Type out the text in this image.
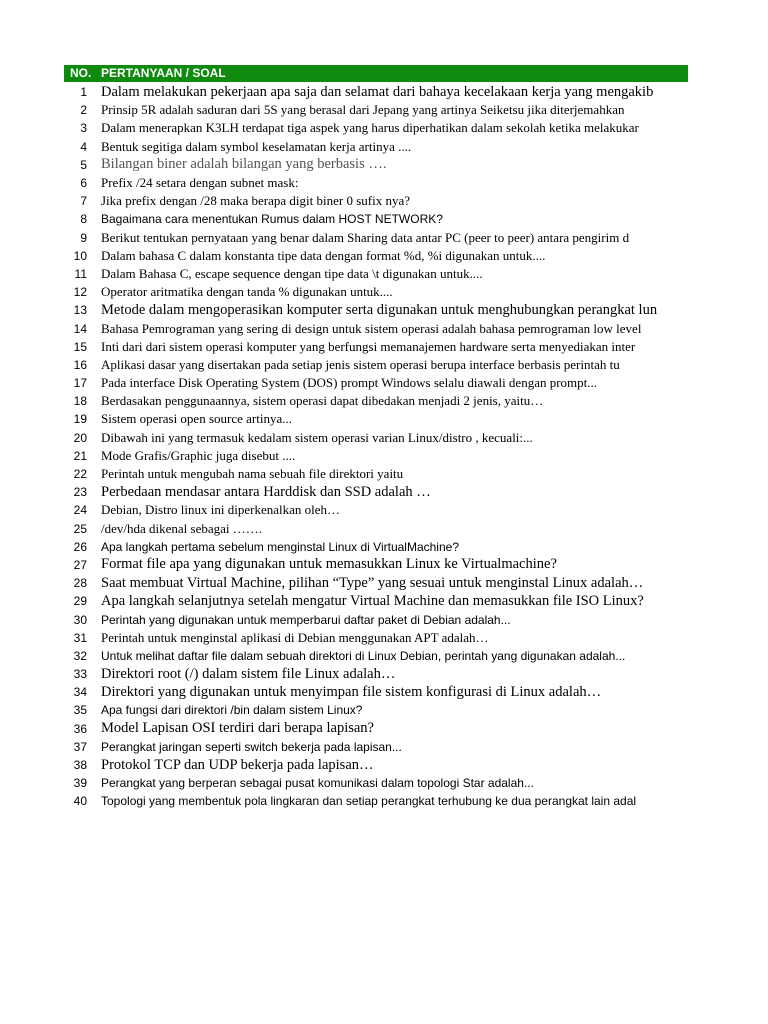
NO. PERTANYAAN / SOAL
1 Dalam melakukan pekerjaan apa saja dan selamat dari bahaya kecelakaan kerja yang mengakib
2	Prinsip 5R adalah saduran dari 5S yang berasal dari Jepang yang artinya Seiketsu jika diterjemahkan
3	Dalam menerapkan K3LH terdapat tiga aspek yang harus diperhatikan dalam sekolah ketika melakukar
4	Bentuk segitiga dalam symbol keselamatan kerja artinya ....
5 Bilangan biner adalah bilangan yang berbasis ….
6	Prefix /24 setara dengan subnet mask:
7	Jika prefix dengan /28 maka berapa digit biner 0 sufix nya?
8	Bagaimana cara menentukan Rumus dalam HOST NETWORK?
9	Berikut tentukan pernyataan yang benar dalam Sharing data antar PC (peer to peer) antara pengirim d
10	Dalam bahasa C dalam konstanta tipe data dengan format %d, %i digunakan untuk....
11	Dalam Bahasa C, escape sequence dengan tipe data \t digunakan untuk....
12	Operator aritmatika dengan tanda % digunakan untuk....
13 Metode dalam mengoperasikan komputer serta digunakan untuk menghubungkan perangkat lun
14	Bahasa Pemrograman yang sering di design untuk sistem operasi adalah bahasa pemrograman low level
15	Inti dari dari sistem operasi komputer yang berfungsi memanajemen hardware serta menyediakan inter
16	Aplikasi dasar yang disertakan pada setiap jenis sistem operasi berupa interface berbasis perintah tu
17	Pada interface Disk Operating System (DOS) prompt Windows selalu diawali dengan prompt...
18	Berdasakan penggunaannya, sistem operasi dapat dibedakan menjadi 2 jenis, yaitu…
19	Sistem operasi open source artinya...
20	Dibawah ini yang termasuk kedalam sistem operasi varian Linux/distro , kecuali:...
21	Mode Grafis/Graphic juga disebut ....
22	Perintah untuk mengubah nama sebuah file direktori yaitu
23 Perbedaan mendasar antara Harddisk dan SSD adalah …
24	Debian, Distro linux ini diperkenalkan oleh…
25	/dev/hda dikenal sebagai …….
26	Apa langkah pertama sebelum menginstal Linux di VirtualMachine?
27 Format file apa yang digunakan untuk memasukkan Linux ke Virtualmachine?
28 Saat membuat Virtual Machine, pilihan “Type” yang sesuai untuk menginstal Linux adalah…
29 Apa langkah selanjutnya setelah mengatur Virtual Machine dan memasukkan file ISO Linux?
30	Perintah yang digunakan untuk memperbarui daftar paket di Debian adalah...
31	Perintah untuk menginstal aplikasi di Debian menggunakan APT adalah…
32	Untuk melihat daftar file dalam sebuah direktori di Linux Debian, perintah yang digunakan adalah...
33 Direktori root (/) dalam sistem file Linux adalah…
34 Direktori yang digunakan untuk menyimpan file sistem konfigurasi di Linux adalah…
35	Apa fungsi dari direktori /bin dalam sistem Linux?
36 Model Lapisan OSI terdiri dari berapa lapisan?
37	Perangkat jaringan seperti switch bekerja pada lapisan...
38 Protokol TCP dan UDP bekerja pada lapisan…
39	Perangkat yang berperan sebagai pusat komunikasi dalam topologi Star adalah...
40	Topologi yang membentuk pola lingkaran dan setiap perangkat terhubung ke dua perangkat lain adal
